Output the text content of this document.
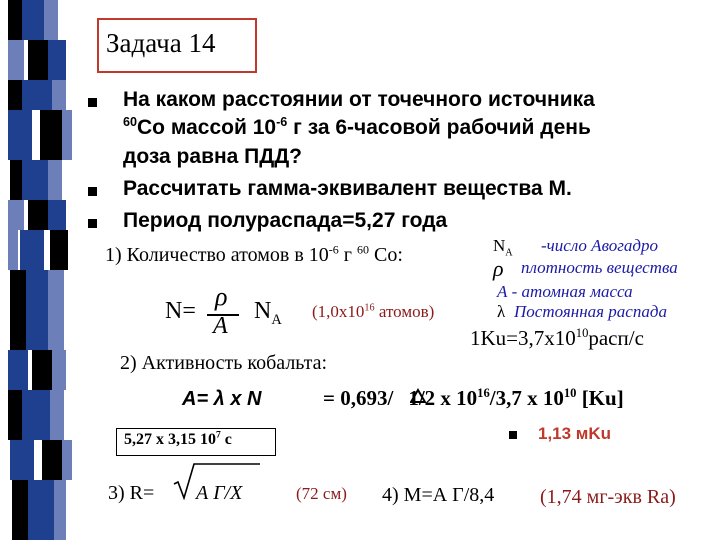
Задача 14
На каком расстоянии от точечного источника
$^{60}$Со массой $10^{-6}$ г за 6-часовой рабочий день
доза равна ПДД?
Рассчитать гамма-эквивалент вещества М.
Период полураспада=5,27 года
1) Количество атомов в $10^{-6}$ г $^{60}$ Со:	$N_A$ -число Авогадро
ρ плотность вещества
А - атомная масса
λ Постоянная распада
$1Ku=3,7х10^{10}расп/с$
N= ρ
A
$N_A$ ($1,0х10^{16}$ атомов)
2) Активность кобальта:
А= λ х N	= 0,693/ 1/2 х $10^{16}/3,7$ х $10^{10}$ [Ku]
5,27 х 3,15 $10^7$ с	1,13 мKu
3) R= А Г/Х	(72 см) 4) М=А Г/8,4 (1,74 мг-экв Ra)
